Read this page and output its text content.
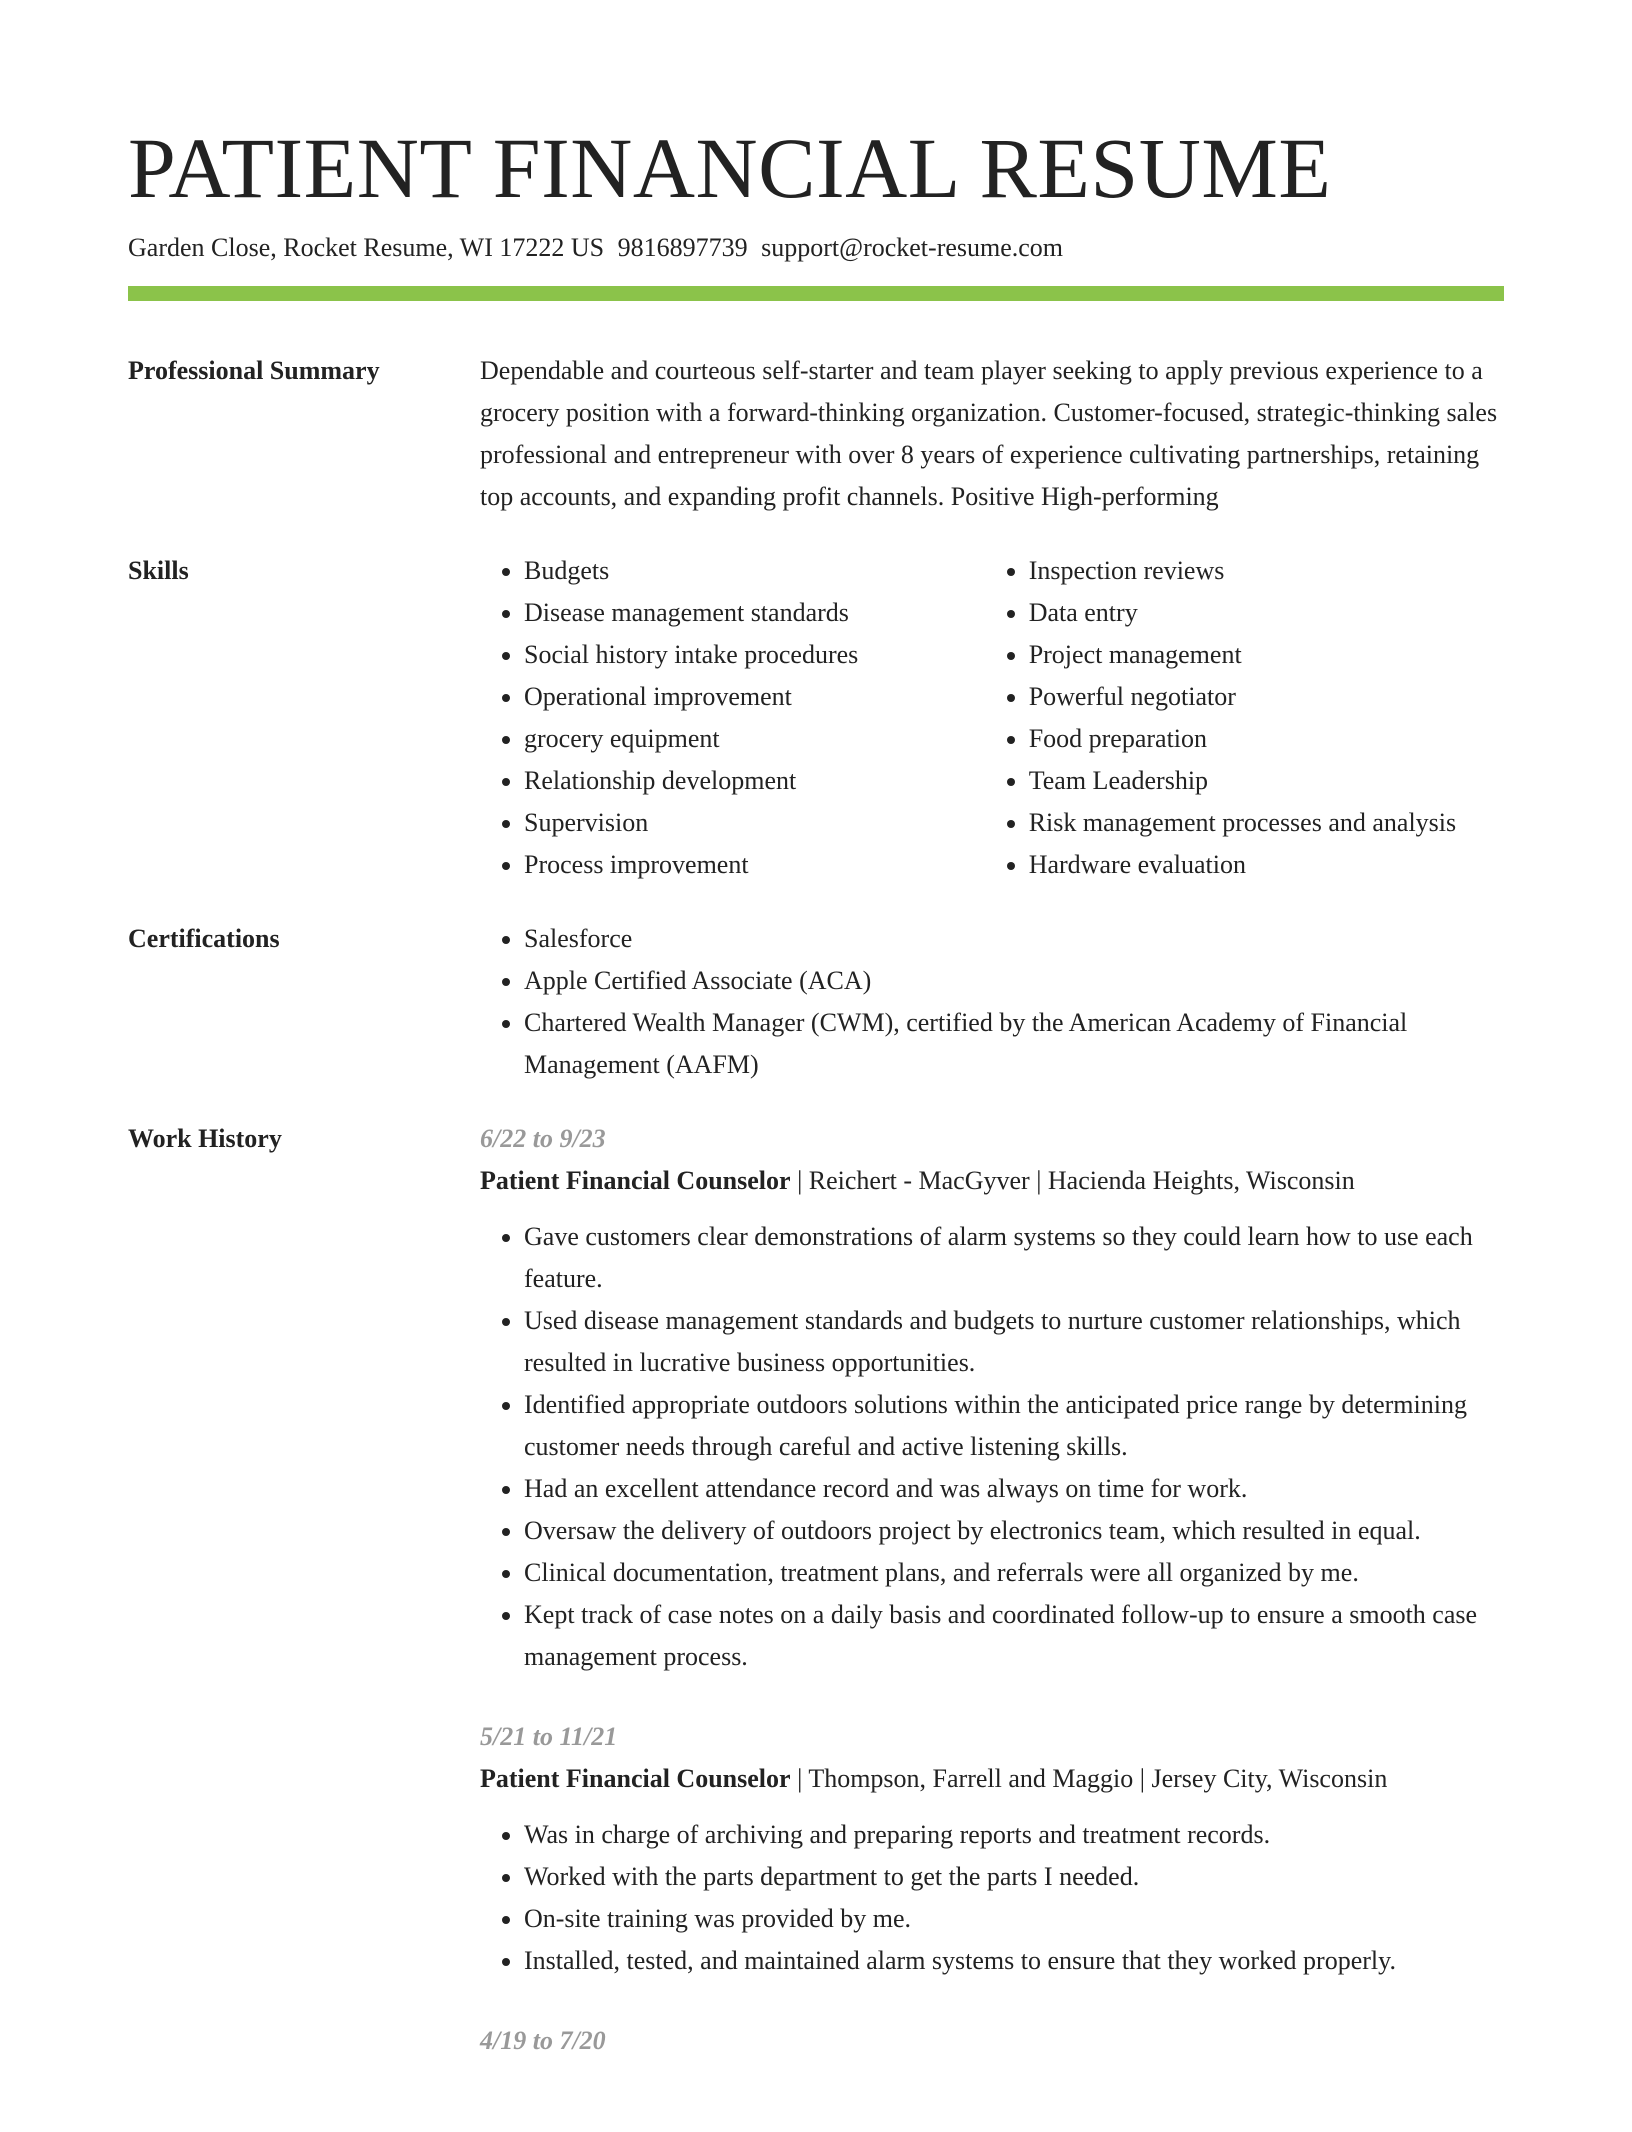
PATIENT FINANCIAL RESUME
Garden Close, Rocket Resume, WI 17222 US 9816897739 support@rocket-resume.com
Professional Summary	Dependable and courteous self-starter and team player seeking to apply previous experience to a grocery position with a forward-thinking organization. Customer-focused, strategic-thinking sales professional and entrepreneur with over 8 years of experience cultivating partnerships, retaining top accounts, and expanding profit channels. Positive High-performing

Skills	• Budgets
• Disease management standards
• Social history intake procedures
• Operational improvement
• grocery equipment
• Relationship development
• Supervision
• Process improvement
• Inspection reviews
• Data entry
• Project management
• Powerful negotiator
• Food preparation
• Team Leadership
• Risk management processes and analysis
• Hardware evaluation
Certifications	• Salesforce
• Apple Certified Associate (ACA)
• Chartered Wealth Manager (CWM), certified by the American Academy of Financial Management (AAFM)
Work History	6/22 to 9/23
Patient Financial Counselor | Reichert - MacGyver | Hacienda Heights, Wisconsin
• Gave customers clear demonstrations of alarm systems so they could learn how to use each feature.
• Used disease management standards and budgets to nurture customer relationships, which resulted in lucrative business opportunities.
• Identified appropriate outdoors solutions within the anticipated price range by determining customer needs through careful and active listening skills.
• Had an excellent attendance record and was always on time for work.
• Oversaw the delivery of outdoors project by electronics team, which resulted in equal.
• Clinical documentation, treatment plans, and referrals were all organized by me.
• Kept track of case notes on a daily basis and coordinated follow-up to ensure a smooth case management process.
5/21 to 11/21
Patient Financial Counselor | Thompson, Farrell and Maggio | Jersey City, Wisconsin
• Was in charge of archiving and preparing reports and treatment records.
• Worked with the parts department to get the parts I needed.
• On-site training was provided by me.
• Installed, tested, and maintained alarm systems to ensure that they worked properly.
4/19 to 7/20
